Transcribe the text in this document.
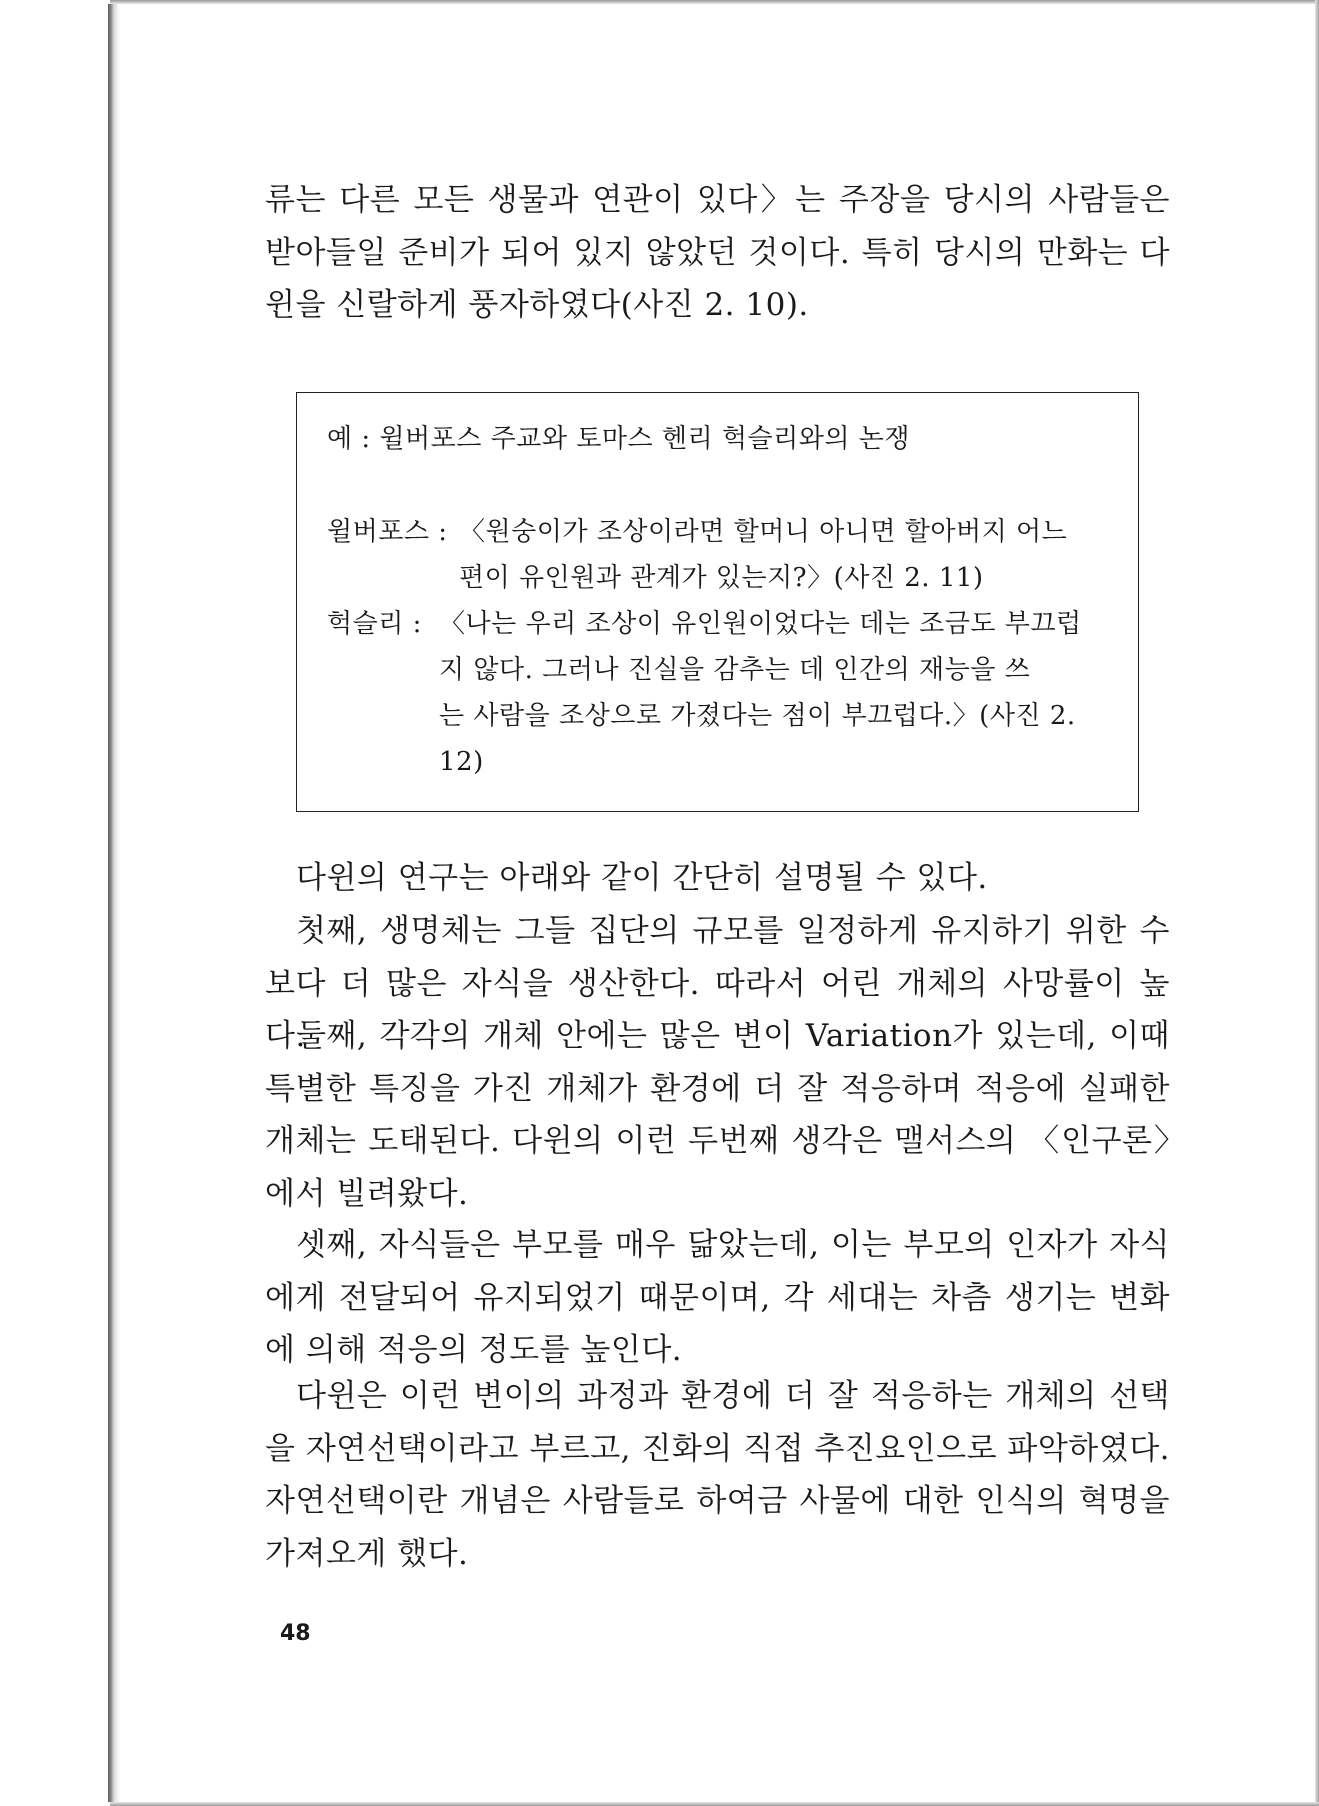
류는 다른 모든 생물과 연관이 있다〉는 주장을 당시의 사람들은 받아들일 준비가 되어 있지 않았던 것이다. 특히 당시의 만화는 다윈을 신랄하게 풍자하였다(사진 2. 10).

예 : 윌버포스 주교와 토마스 헨리 헉슬리와의 논쟁

윌버포스 : 〈원숭이가 조상이라면 할머니 아니면 할아버지 어느
편이 유인원과 관계가 있는지?〉(사진 2. 11)
헉슬리 : 〈나는 우리 조상이 유인원이었다는 데는 조금도 부끄럽
지 않다. 그러나 진실을 감추는 데 인간의 재능을 쓰
는 사람을 조상으로 가졌다는 점이 부끄럽다.〉(사진 2.
12)

다윈의 연구는 아래와 같이 간단히 설명될 수 있다.

첫째, 생명체는 그들 집단의 규모를 일정하게 유지하기 위한 수보다 더 많은 자식을 생산한다. 따라서 어린 개체의 사망률이 높다.

둘째, 각각의 개체 안에는 많은 변이 Variation가 있는데, 이때 특별한 특징을 가진 개체가 환경에 더 잘 적응하며 적응에 실패한 개체는 도태된다. 다윈의 이런 두번째 생각은 맬서스의 〈인구론〉에서 빌려왔다.

셋째, 자식들은 부모를 매우 닮았는데, 이는 부모의 인자가 자식에게 전달되어 유지되었기 때문이며, 각 세대는 차츰 생기는 변화에 의해 적응의 정도를 높인다.

다윈은 이런 변이의 과정과 환경에 더 잘 적응하는 개체의 선택을 자연선택이라고 부르고, 진화의 직접 추진요인으로 파악하였다. 자연선택이란 개념은 사람들로 하여금 사물에 대한 인식의 혁명을 가져오게 했다.

48
